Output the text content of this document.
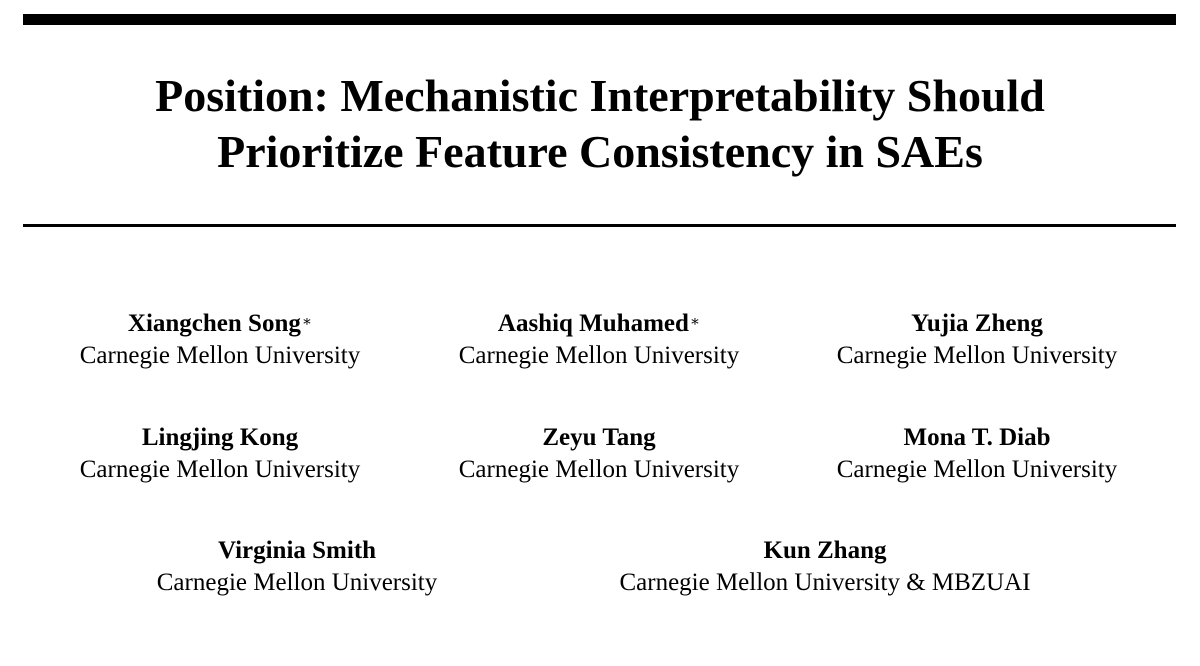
Position: Mechanistic Interpretability Should
Prioritize Feature Consistency in SAEs
Xiangchen Song∗
Carnegie Mellon University
Aashiq Muhamed∗
Carnegie Mellon University
Yujia Zheng
Carnegie Mellon University
Lingjing Kong
Carnegie Mellon University
Zeyu Tang
Carnegie Mellon University
Mona T. Diab
Carnegie Mellon University
Virginia Smith
Carnegie Mellon University
Kun Zhang
Carnegie Mellon University & MBZUAI
